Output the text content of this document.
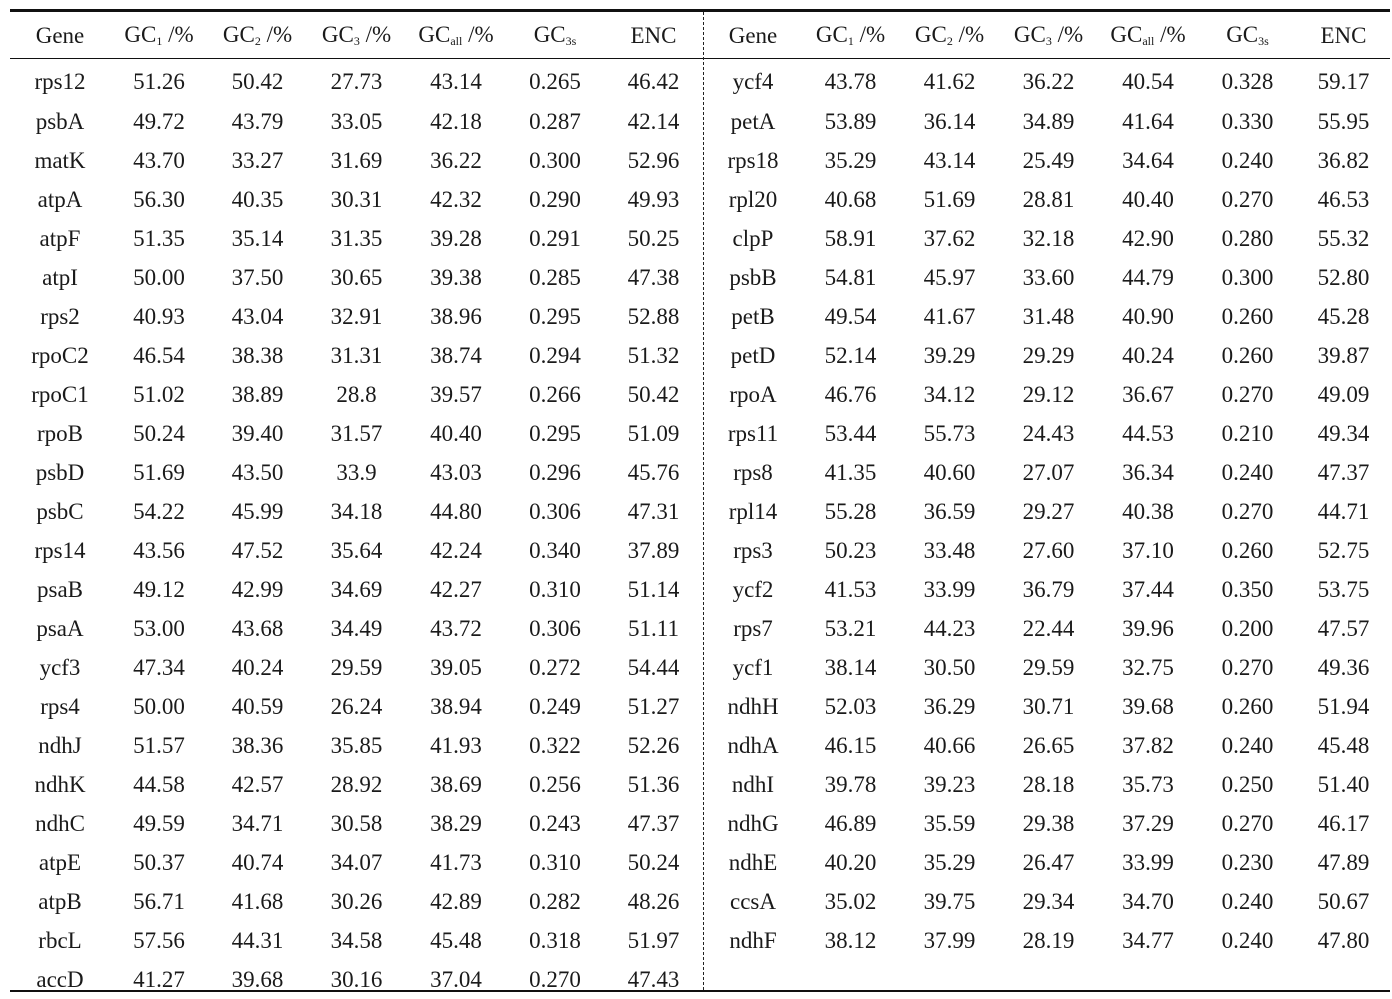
Gene	$GC_1$ /%	$GC_2$ /%	$GC_3$ /%	$GC_{all}$ /%	$GC_{3s}$	ENC
rps12	51.26	50.42	27.73	43.14	0.265	46.42
psbA	49.72	43.79	33.05	42.18	0.287	42.14
matK	43.70	33.27	31.69	36.22	0.300	52.96
atpA	56.30	40.35	30.31	42.32	0.290	49.93
atpF	51.35	35.14	31.35	39.28	0.291	50.25
atpI	50.00	37.50	30.65	39.38	0.285	47.38
rps2	40.93	43.04	32.91	38.96	0.295	52.88
rpoC2	46.54	38.38	31.31	38.74	0.294	51.32
rpoC1	51.02	38.89	28.8	39.57	0.266	50.42
rpoB	50.24	39.40	31.57	40.40	0.295	51.09
psbD	51.69	43.50	33.9	43.03	0.296	45.76
psbC	54.22	45.99	34.18	44.80	0.306	47.31
rps14	43.56	47.52	35.64	42.24	0.340	37.89
psaB	49.12	42.99	34.69	42.27	0.310	51.14
psaA	53.00	43.68	34.49	43.72	0.306	51.11
ycf3	47.34	40.24	29.59	39.05	0.272	54.44
rps4	50.00	40.59	26.24	38.94	0.249	51.27
ndhJ	51.57	38.36	35.85	41.93	0.322	52.26
ndhK	44.58	42.57	28.92	38.69	0.256	51.36
ndhC	49.59	34.71	30.58	38.29	0.243	47.37
atpE	50.37	40.74	34.07	41.73	0.310	50.24
atpB	56.71	41.68	30.26	42.89	0.282	48.26
rbcL	57.56	44.31	34.58	45.48	0.318	51.97
accD	41.27	39.68	30.16	37.04	0.270	47.43
Gene	$GC_1$ /%	$GC_2$ /%	$GC_3$ /%	$GC_{all}$ /%	$GC_{3s}$	ENC
ycf4	43.78	41.62	36.22	40.54	0.328	59.17
petA	53.89	36.14	34.89	41.64	0.330	55.95
rps18	35.29	43.14	25.49	34.64	0.240	36.82
rpl20	40.68	51.69	28.81	40.40	0.270	46.53
clpP	58.91	37.62	32.18	42.90	0.280	55.32
psbB	54.81	45.97	33.60	44.79	0.300	52.80
petB	49.54	41.67	31.48	40.90	0.260	45.28
petD	52.14	39.29	29.29	40.24	0.260	39.87
rpoA	46.76	34.12	29.12	36.67	0.270	49.09
rps11	53.44	55.73	24.43	44.53	0.210	49.34
rps8	41.35	40.60	27.07	36.34	0.240	47.37
rpl14	55.28	36.59	29.27	40.38	0.270	44.71
rps3	50.23	33.48	27.60	37.10	0.260	52.75
ycf2	41.53	33.99	36.79	37.44	0.350	53.75
rps7	53.21	44.23	22.44	39.96	0.200	47.57
ycf1	38.14	30.50	29.59	32.75	0.270	49.36
ndhH	52.03	36.29	30.71	39.68	0.260	51.94
ndhA	46.15	40.66	26.65	37.82	0.240	45.48
ndhI	39.78	39.23	28.18	35.73	0.250	51.40
ndhG	46.89	35.59	29.38	37.29	0.270	46.17
ndhE	40.20	35.29	26.47	33.99	0.230	47.89
ccsA	35.02	39.75	29.34	34.70	0.240	50.67
ndhF	38.12	37.99	28.19	34.77	0.240	47.80
